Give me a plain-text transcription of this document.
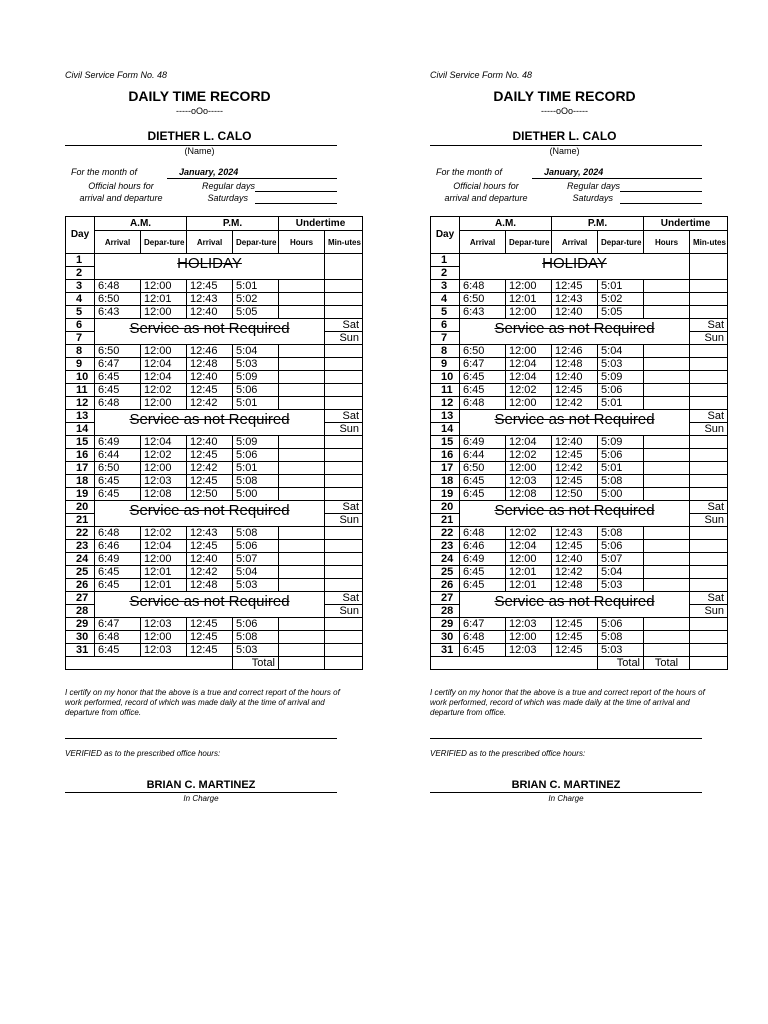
Civil Service Form No. 48
DAILY TIME RECORD
-----oOo-----
DIETHER L. CALO
(Name)
For the month of	January, 2024
Official hours for
arrival and departure
Regular days
Saturdays
Day	A.M.		P.M.		Undertime	
	Arrival	Depar-ture	Arrival	Depar-ture	Hours	Min-utes
1	HOLIDAY					

2						
3	6:48	12:00	12:45	5:01		
4	6:50	12:01	12:43	5:02		
5	6:43	12:00	12:40	5:05		
6	Service as not Required					Sat
7						Sun
8	6:50	12:00	12:46	5:04		
9	6:47	12:04	12:48	5:03		
10	6:45	12:04	12:40	5:09		
11	6:45	12:02	12:45	5:06		
12	6:48	12:00	12:42	5:01		
13	Service as not Required					Sat
14						Sun
15	6:49	12:04	12:40	5:09		
16	6:44	12:02	12:45	5:06		
17	6:50	12:00	12:42	5:01		
18	6:45	12:03	12:45	5:08		
19	6:45	12:08	12:50	5:00		
20	Service as not Required					Sat
21						Sun
22	6:48	12:02	12:43	5:08		
23	6:46	12:04	12:45	5:06		
24	6:49	12:00	12:40	5:07		
25	6:45	12:01	12:42	5:04		
26	6:45	12:01	12:48	5:03		
27	Service as not Required					Sat
28						Sun
29	6:47	12:03	12:45	5:06		
30	6:48	12:00	12:45	5:08		
31	6:45	12:03	12:45	5:03		
				Total		
I certify on my honor that the above is a true and correct report of the hours of work performed, record of which was made daily at the time of arrival and departure from office.
VERIFIED as to the prescribed office hours:
BRIAN C. MARTINEZ
In Charge
Civil Service Form No. 48
DAILY TIME RECORD
-----oOo-----
DIETHER L. CALO
(Name)
For the month of	January, 2024
Official hours for
arrival and departure
Regular days
Saturdays
Day	A.M.		P.M.		Undertime	
	Arrival	Depar-ture	Arrival	Depar-ture	Hours	Min-utes
1	HOLIDAY					

2						
3	6:48	12:00	12:45	5:01		
4	6:50	12:01	12:43	5:02		
5	6:43	12:00	12:40	5:05		
6	Service as not Required					Sat
7						Sun
8	6:50	12:00	12:46	5:04		
9	6:47	12:04	12:48	5:03		
10	6:45	12:04	12:40	5:09		
11	6:45	12:02	12:45	5:06		
12	6:48	12:00	12:42	5:01		
13	Service as not Required					Sat
14						Sun
15	6:49	12:04	12:40	5:09		
16	6:44	12:02	12:45	5:06		
17	6:50	12:00	12:42	5:01		
18	6:45	12:03	12:45	5:08		
19	6:45	12:08	12:50	5:00		
20	Service as not Required					Sat
21						Sun
22	6:48	12:02	12:43	5:08		
23	6:46	12:04	12:45	5:06		
24	6:49	12:00	12:40	5:07		
25	6:45	12:01	12:42	5:04		
26	6:45	12:01	12:48	5:03		
27	Service as not Required					Sat
28						Sun
29	6:47	12:03	12:45	5:06		
30	6:48	12:00	12:45	5:08		
31	6:45	12:03	12:45	5:03		
				Total	Total	
I certify on my honor that the above is a true and correct report of the hours of work performed, record of which was made daily at the time of arrival and departure from office.
VERIFIED as to the prescribed office hours:
BRIAN C. MARTINEZ
In Charge
